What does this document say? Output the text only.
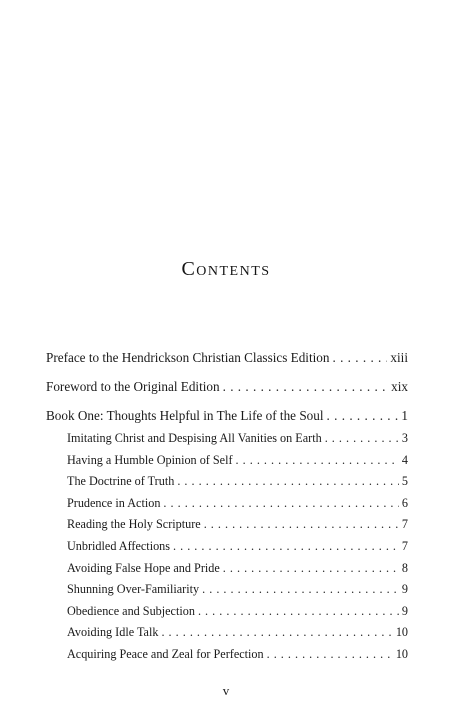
Contents
Preface to the Hendrickson Christian Classics Edition . . .	xiii
Foreword to the Original Edition . . .	xix
Book One: Thoughts Helpful in The Life of the Soul . . .	1
Imitating Christ and Despising All Vanities on Earth . . .	3
Having a Humble Opinion of Self . . .	4
The Doctrine of Truth . . .	5
Prudence in Action . . .	6
Reading the Holy Scripture . . .	7
Unbridled Affections . . .	7
Avoiding False Hope and Pride . . .	8
Shunning Over-Familiarity . . .	9
Obedience and Subjection . . .	9
Avoiding Idle Talk . . .	10
Acquiring Peace and Zeal for Perfection . . .	10
v
